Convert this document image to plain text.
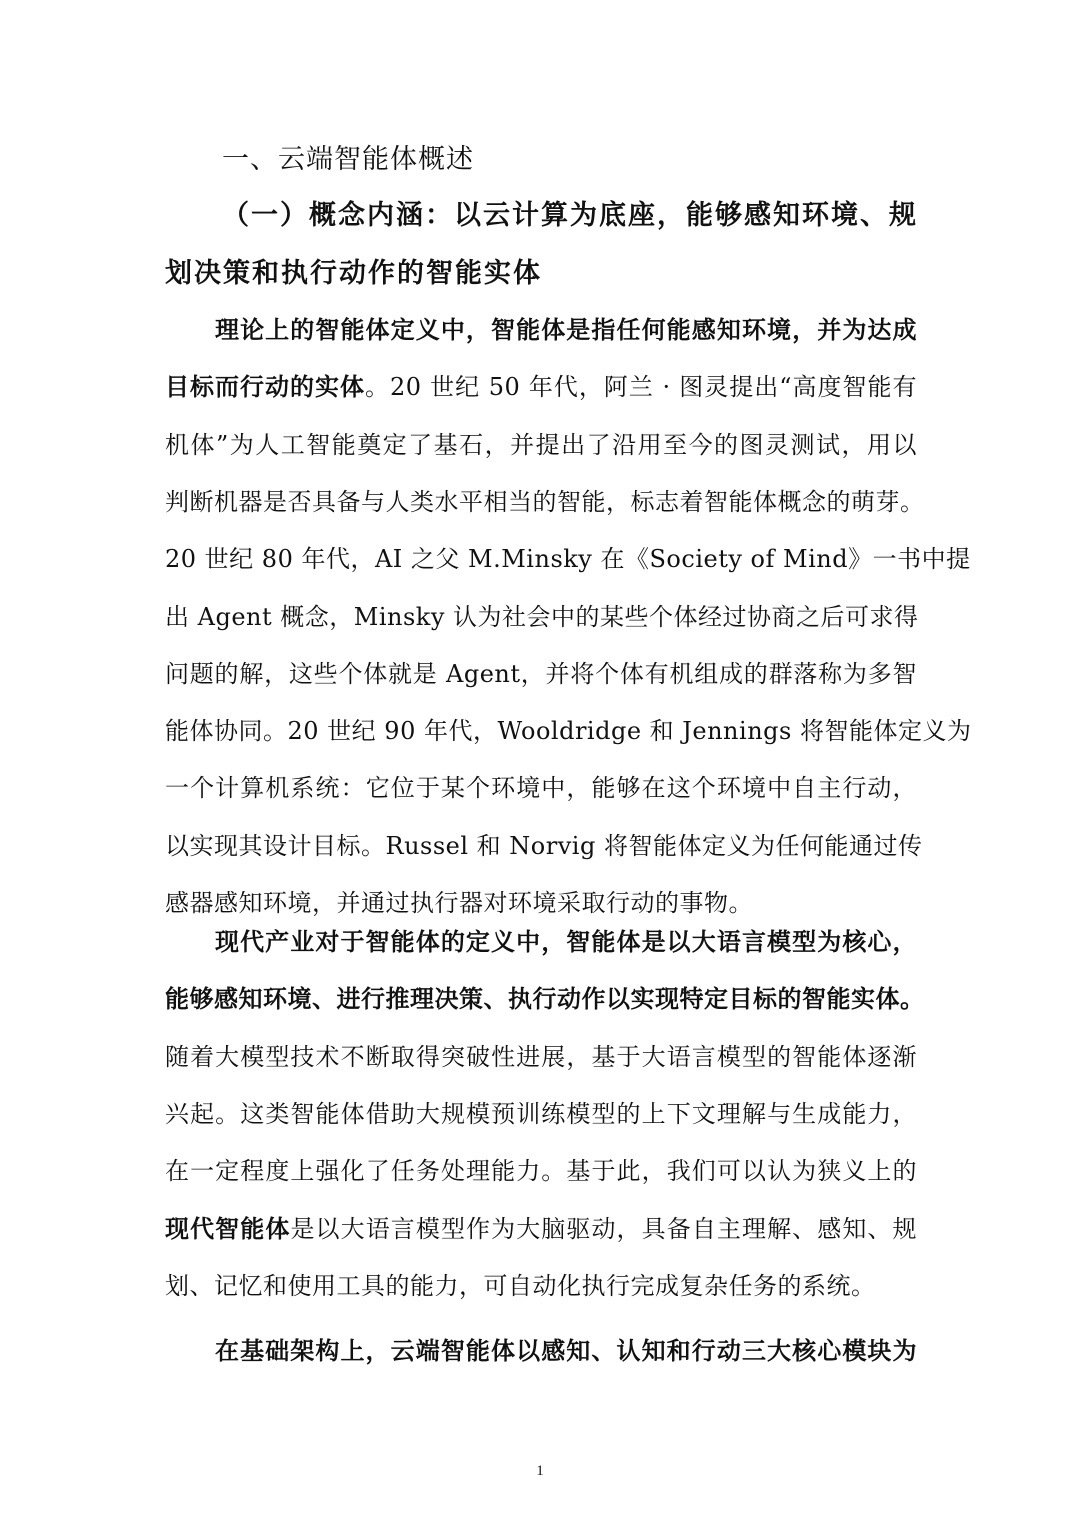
一、云端智能体概述
（一）概念内涵：以云计算为底座，能够感知环境、规
划决策和执行动作的智能实体
理论上的智能体定义中，智能体是指任何能感知环境，并为达成
目标而行动的实体。20 世纪 50 年代，阿兰 · 图灵提出“高度智能有
机体”为人工智能奠定了基石，并提出了沿用至今的图灵测试，用以
判断机器是否具备与人类水平相当的智能，标志着智能体概念的萌芽。
20 世纪 80 年代，AI 之父 M.Minsky 在《Society of Mind》一书中提
出 Agent 概念，Minsky 认为社会中的某些个体经过协商之后可求得
问题的解，这些个体就是 Agent，并将个体有机组成的群落称为多智
能体协同。20 世纪 90 年代，Wooldridge 和 Jennings 将智能体定义为
一个计算机系统：它位于某个环境中，能够在这个环境中自主行动，
以实现其设计目标。Russel 和 Norvig 将智能体定义为任何能通过传
感器感知环境，并通过执行器对环境采取行动的事物。
现代产业对于智能体的定义中，智能体是以大语言模型为核心，
能够感知环境、进行推理决策、执行动作以实现特定目标的智能实体。
随着大模型技术不断取得突破性进展，基于大语言模型的智能体逐渐
兴起。这类智能体借助大规模预训练模型的上下文理解与生成能力，
在一定程度上强化了任务处理能力。基于此，我们可以认为狭义上的
现代智能体是以大语言模型作为大脑驱动，具备自主理解、感知、规
划、记忆和使用工具的能力，可自动化执行完成复杂任务的系统。
在基础架构上，云端智能体以感知、认知和行动三大核心模块为
1
